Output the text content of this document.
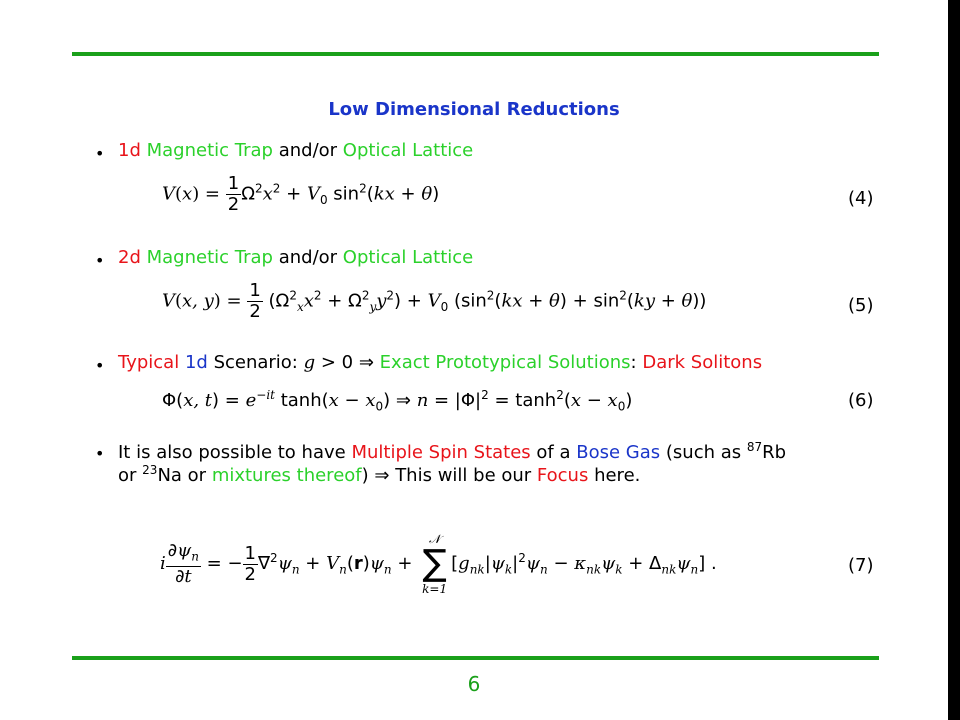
Low Dimensional Reductions
• 1d Magnetic Trap and/or Optical Lattice
$V(x) = \frac{1}{2} \Omega^2x^2 + V_0$ $\sin^2(kx + \theta)$	(4)
• 2d Magnetic Trap and/or Optical Lattice
V(x, $y) = \frac{1}{2} (\Omega^2_xx^2 + \Omega^2_yy^2) + V_0$ $(\sin^2(kx + \theta) + \sin^2(ky + \theta))$	(5)
• Typical 1d Scenario: g > 0 ⇒ Exact Prototypical Solutions: Dark Solitons
Φ(x, $t) = e^{-it}$ $\tanh(x - x_0)$ ⇒ $n = |\Phi|^2 = \tanh^2(x - x_0)$	(6)
• It is also possible to have Multiple Spin States of a Bose Gas (such as $^{87}$Rb
or $^{23}$Na or mixtures thereof) ⇒ This will be our Focus here.
i $\frac{\partial\psi_n}{\partial t}$ = − $\frac{1}{2} \nabla^2\psi_n + V_n(r)\psi_n$ +
𝒩
∑
k=1
$[g_{nk}|\psi_k|^2\psi_n - \kappa_{nk}\psi_k + \Delta_{nk}\psi_n]$ .	(7)
6
